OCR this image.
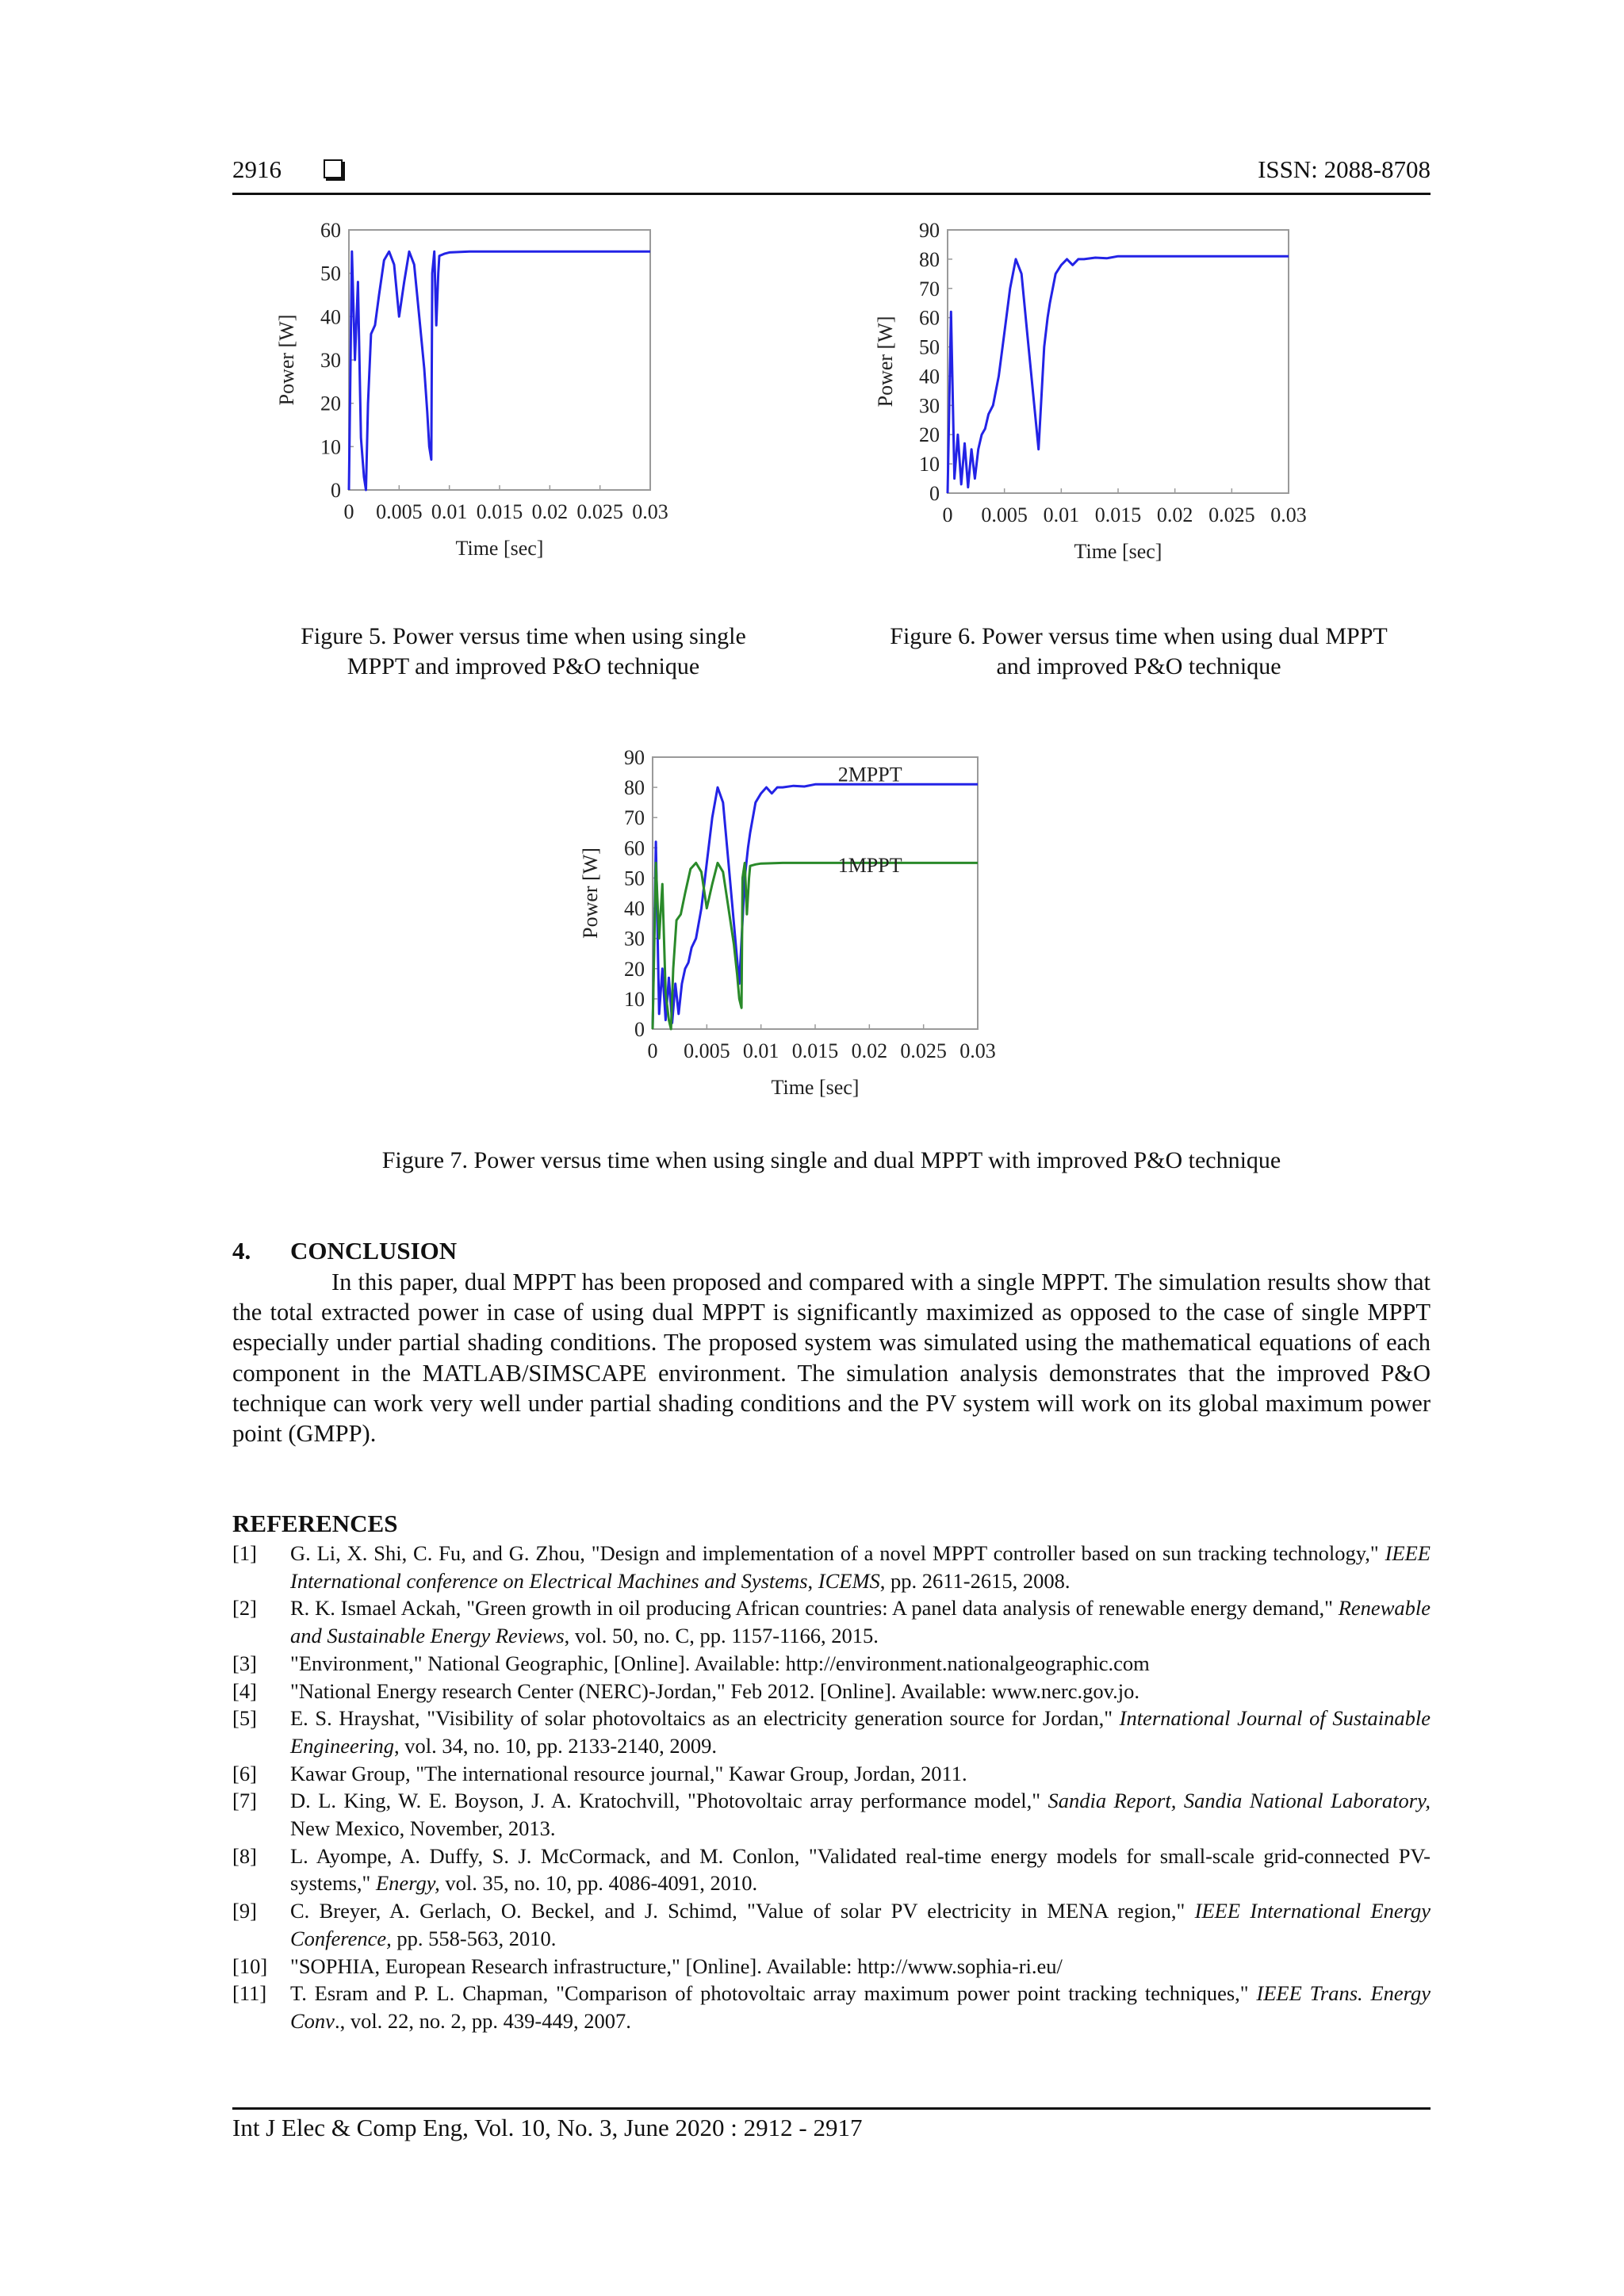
2916	ISSN: 2088-8708
0
10
20
30
40
50
60
0 0.005 0.01 0.015 0.02 0.025 0.03
Time [sec]
Power [W]
Figure 5. Power versus time when using single
MPPT and improved P&O technique
0
10
20
30
40
50
60
70
80
90
0 0.005 0.01 0.015 0.02 0.025 0.03
Time [sec]
Power [W]
Figure 6. Power versus time when using dual MPPT
and improved P&O technique
0
10
20
30
40
50
60
70
80
90
0 0.005 0.01 0.015 0.02 0.025 0.03
Time [sec]
Power [W]
2MPPT
1MPPT
Figure 7. Power versus time when using single and dual MPPT with improved P&O technique
4. CONCLUSION
In this paper, dual MPPT has been proposed and compared with a single MPPT. The simulation results show that the total extracted power in case of using dual MPPT is significantly maximized as opposed to the case of single MPPT especially under partial shading conditions. The proposed system was simulated using the mathematical equations of each component in the MATLAB/SIMSCAPE environment. The simulation analysis demonstrates that the improved P&O technique can work very well under partial shading conditions and the PV system will work on its global maximum power point (GMPP).
REFERENCES
[1]	G. Li, X. Shi, C. Fu, and G. Zhou, "Design and implementation of a novel MPPT controller based on sun tracking technology," IEEE International conference on Electrical Machines and Systems, ICEMS, pp. 2611-2615, 2008.
[2]	R. K. Ismael Ackah, "Green growth in oil producing African countries: A panel data analysis of renewable energy demand," Renewable and Sustainable Energy Reviews, vol. 50, no. C, pp. 1157-1166, 2015.
[3]	"Environment," National Geographic, [Online]. Available: http://environment.nationalgeographic.com
[4]	"National Energy research Center (NERC)-Jordan," Feb 2012. [Online]. Available: www.nerc.gov.jo.
[5]	E. S. Hrayshat, "Visibility of solar photovoltaics as an electricity generation source for Jordan," International Journal of Sustainable Engineering, vol. 34, no. 10, pp. 2133-2140, 2009.
[6]	Kawar Group, "The international resource journal," Kawar Group, Jordan, 2011.
[7]	D. L. King, W. E. Boyson, J. A. Kratochvill, "Photovoltaic array performance model," Sandia Report, Sandia National Laboratory, New Mexico, November, 2013.
[8]	L. Ayompe, A. Duffy, S. J. McCormack, and M. Conlon, "Validated real-time energy models for small-scale grid-connected PV-systems," Energy, vol. 35, no. 10, pp. 4086-4091, 2010.
[9]	C. Breyer, A. Gerlach, O. Beckel, and J. Schimd, "Value of solar PV electricity in MENA region," IEEE International Energy Conference, pp. 558-563, 2010.
[10]	"SOPHIA, European Research infrastructure," [Online]. Available: http://www.sophia-ri.eu/
[11]	T. Esram and P. L. Chapman, "Comparison of photovoltaic array maximum power point tracking techniques," IEEE Trans. Energy Conv., vol. 22, no. 2, pp. 439-449, 2007.
Int J Elec & Comp Eng, Vol. 10, No. 3, June 2020 : 2912 - 2917
